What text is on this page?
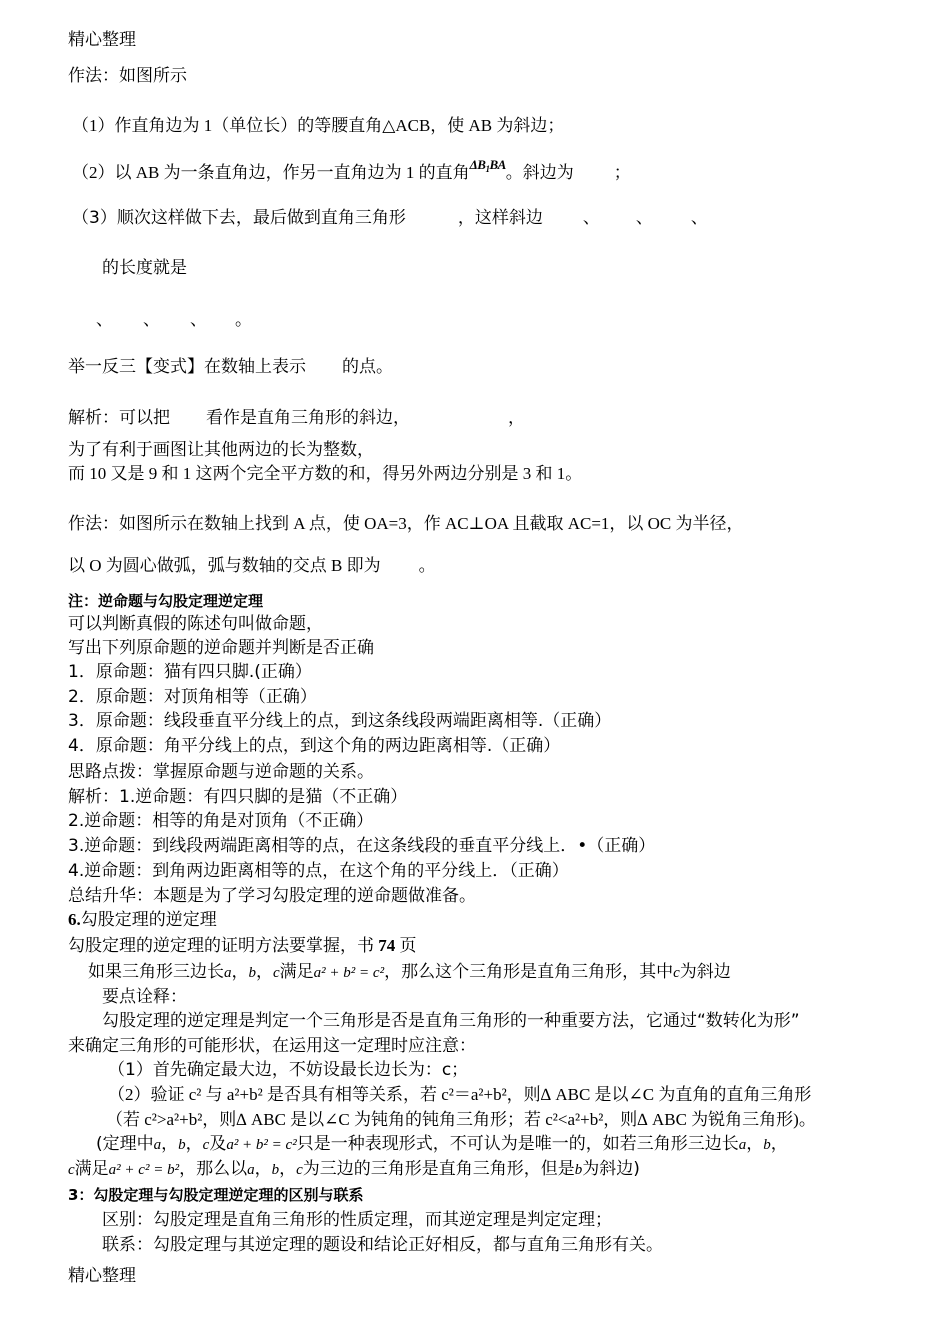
精心整理
作法：如图所示
（1）作直角边为 1（单位长）的等腰直角△ACB，使 AB 为斜边；
（2）以 AB 为一条直角边，作另一直角边为 1 的直角$^{\Delta B_1BA}$。斜边为 ；
（3）顺次这样做下去，最后做到直角三角形	，这样斜边 、 、 、
的长度就是
、 、 、 。
举一反三【变式】在数轴上表示 的点。
解析：可以把 看作是直角三角形的斜边，	，
为了有利于画图让其他两边的长为整数，
而 10 又是 9 和 1 这两个完全平方数的和，得另外两边分别是 3 和 1。
作法：如图所示在数轴上找到 A 点，使 OA=3，作 AC⊥OA 且截取 AC=1，以 OC 为半径，
以 O 为圆心做弧，弧与数轴的交点 B 即为 。
注：逆命题与勾股定理逆定理
可以判断真假的陈述句叫做命题，
写出下列原命题的逆命题并判断是否正确
1．原命题：猫有四只脚.(正确）
2．原命题：对顶角相等（正确）
3．原命题：线段垂直平分线上的点，到这条线段两端距离相等.（正确）
4．原命题：角平分线上的点，到这个角的两边距离相等.（正确）
思路点拨：掌握原命题与逆命题的关系。
解析：1.逆命题：有四只脚的是猫（不正确）
2.逆命题：相等的角是对顶角（不正确）
3.逆命题：到线段两端距离相等的点，在这条线段的垂直平分线上．•（正确）
4.逆命题：到角两边距离相等的点，在这个角的平分线上．（正确）
总结升华：本题是为了学习勾股定理的逆命题做准备。
6.勾股定理的逆定理
勾股定理的逆定理的证明方法要掌握，书 74 页
如果三角形三边长a，b，c满足a² + b² = c²，那么这个三角形是直角三角形，其中c为斜边
要点诠释：
勾股定理的逆定理是判定一个三角形是否是直角三角形的一种重要方法，它通过“数转化为形”
来确定三角形的可能形状，在运用这一定理时应注意：
（1）首先确定最大边，不妨设最长边长为：c；
（2）验证 c² 与 a²+b² 是否具有相等关系，若 c²＝a²+b²，则∆ ABC 是以∠C 为直角的直角三角形
（若 c²>a²+b²，则∆ ABC 是以∠C 为钝角的钝角三角形；若 c²<a²+b²，则∆ ABC 为锐角三角形)。
(定理中a，b，c及a² + b² = c²只是一种表现形式，不可认为是唯一的，如若三角形三边长a，b，
c满足a² + c² = b²，那么以a，b，c为三边的三角形是直角三角形，但是b为斜边)
3：勾股定理与勾股定理逆定理的区别与联系
区别：勾股定理是直角三角形的性质定理，而其逆定理是判定定理；
联系：勾股定理与其逆定理的题设和结论正好相反，都与直角三角形有关。
精心整理
